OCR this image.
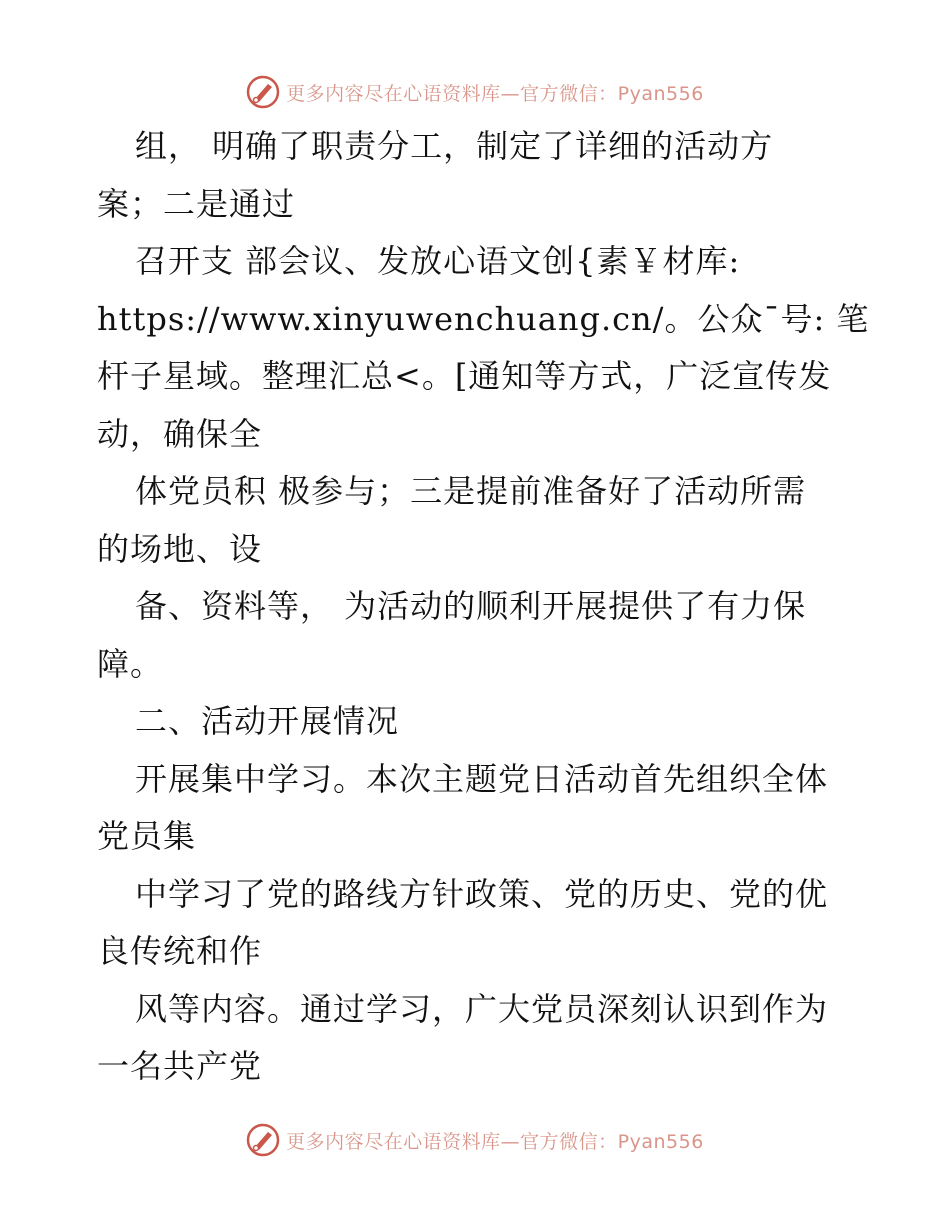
更多内容尽在心语资料库—官方微信：Pyan556
组， 明确了职责分工，制定了详细的活动方
案；二是通过
召开支 部会议、发放心语文创{素￥材库:
https://www.xinyuwenchuang.cn/。公众¯号: 笔
杆子星域。整理汇总<。[通知等方式，广泛宣传发
动，确保全
体党员积 极参与；三是提前准备好了活动所需
的场地、设
备、资料等， 为活动的顺利开展提供了有力保
障。
二、活动开展情况
开展集中学习。本次主题党日活动首先组织全体
党员集
中学习了党的路线方针政策、党的历史、党的优
良传统和作
风等内容。通过学习，广大党员深刻认识到作为
一名共产党
更多内容尽在心语资料库—官方微信：Pyan556
